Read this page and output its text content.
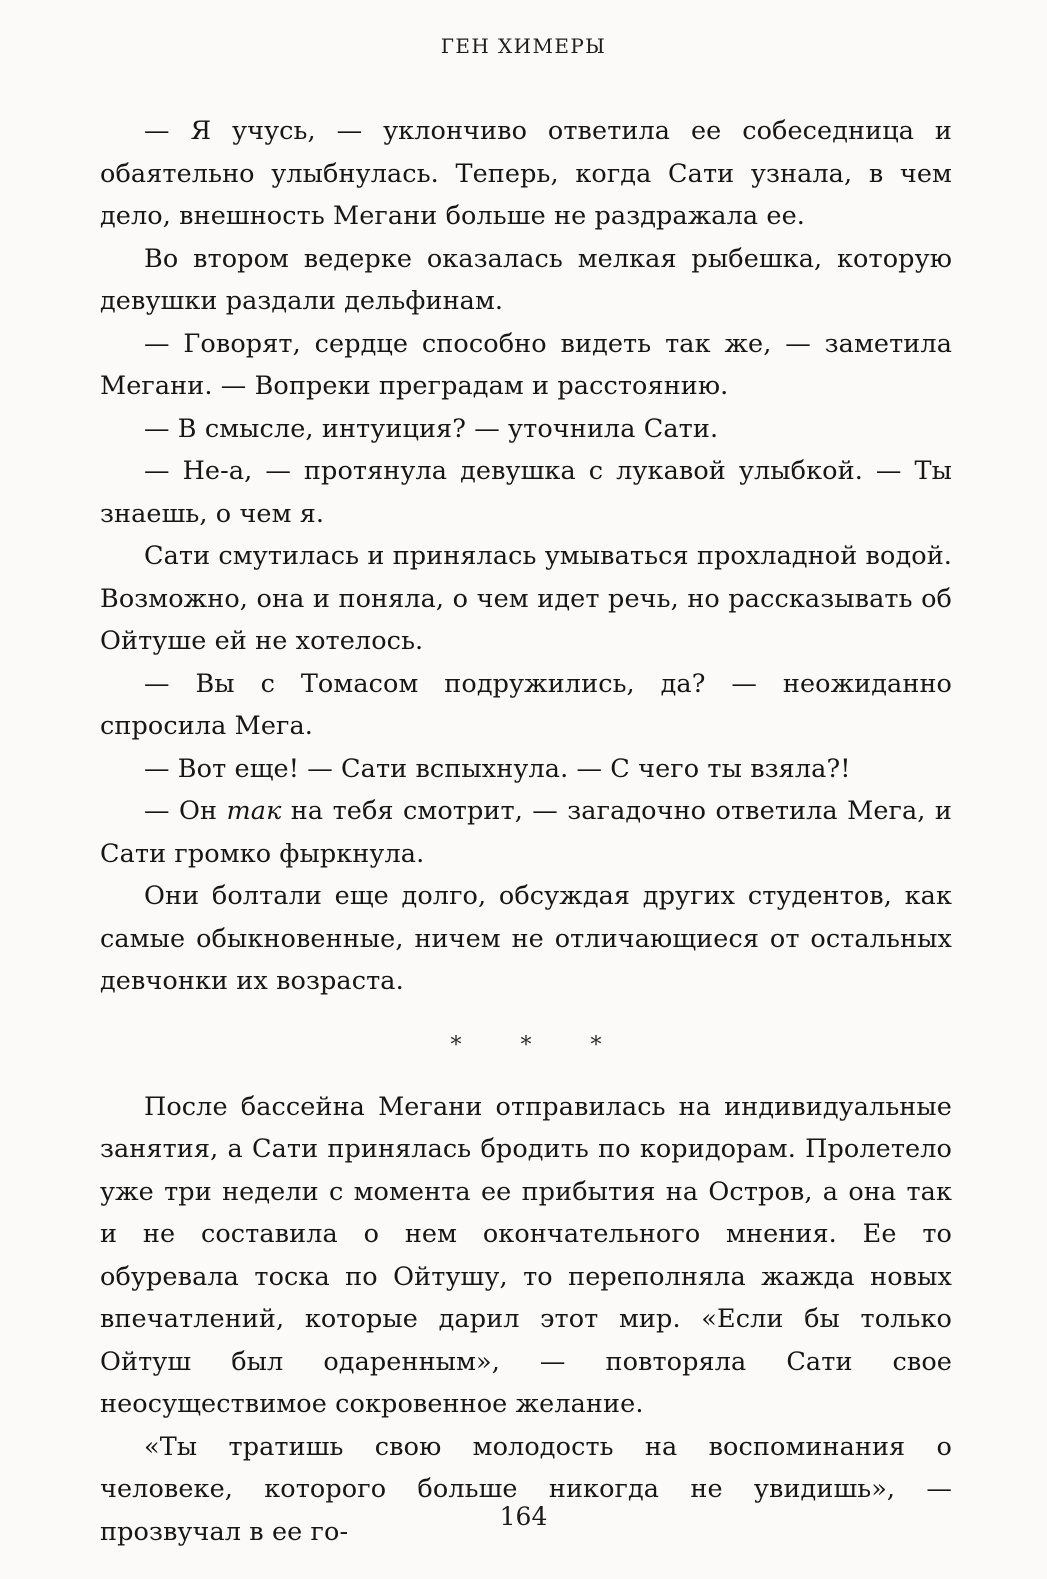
ГЕН ХИМЕРЫ

— Я учусь, — уклончиво ответила ее собеседница и обаятельно улыбнулась. Теперь, когда Сати узнала, в чем дело, внешность Мегани больше не раздражала ее.

Во втором ведерке оказалась мелкая рыбешка, которую девушки раздали дельфинам.

— Говорят, сердце способно видеть так же, — заметила Мегани. — Вопреки преградам и расстоянию.

— В смысле, интуиция? — уточнила Сати.

— Не-а, — протянула девушка с лукавой улыбкой. — Ты знаешь, о чем я.

Сати смутилась и принялась умываться прохладной водой. Возможно, она и поняла, о чем идет речь, но рассказывать об Ойтуше ей не хотелось.

— Вы с Томасом подружились, да? — неожиданно спросила Мега.

— Вот еще! — Сати вспыхнула. — С чего ты взяла?!

— Он так на тебя смотрит, — загадочно ответила Мега, и Сати громко фыркнула.

Они болтали еще долго, обсуждая других студентов, как самые обыкновенные, ничем не отличающиеся от остальных девчонки их возраста.

* * *

После бассейна Мегани отправилась на индивидуальные занятия, а Сати принялась бродить по коридорам. Пролетело уже три недели с момента ее прибытия на Остров, а она так и не составила о нем окончательного мнения. Ее то обуревала тоска по Ойтушу, то переполняла жажда новых впечатлений, которые дарил этот мир. «Если бы только Ойтуш был одаренным», — повторяла Сати свое неосуществимое сокровенное желание.

«Ты тратишь свою молодость на воспоминания о человеке, которого больше никогда не увидишь», — прозвучал в ее го-	164
